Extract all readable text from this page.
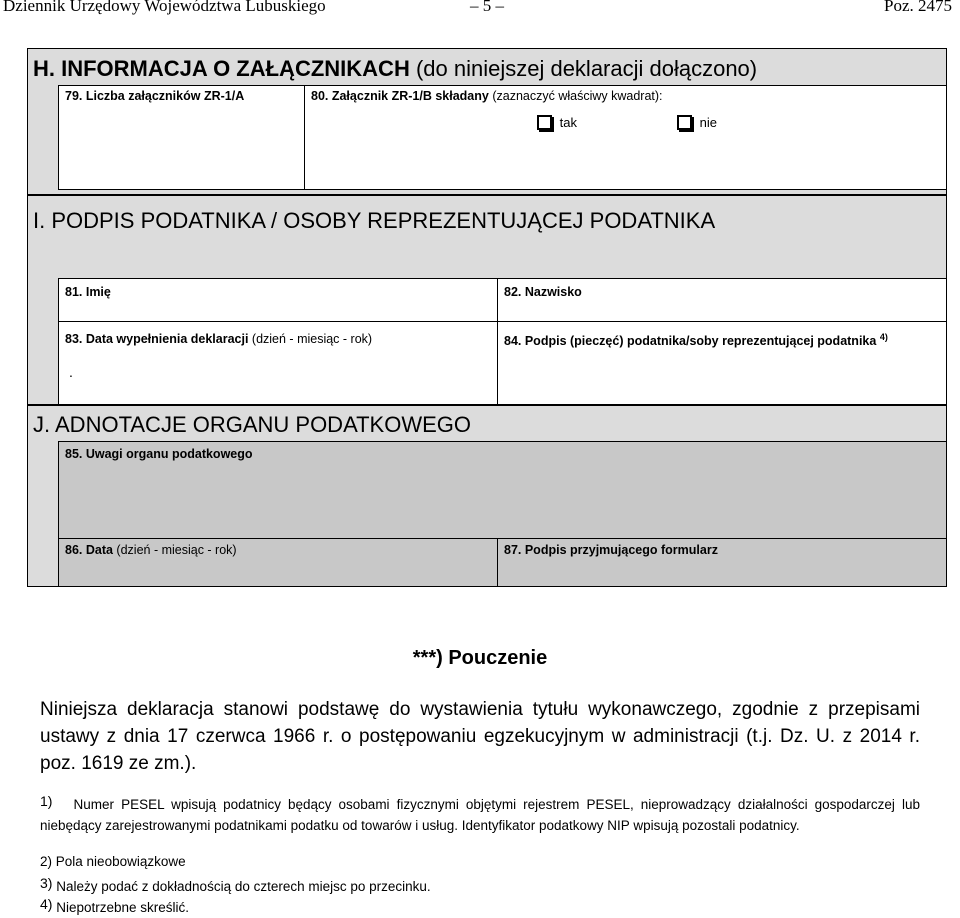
Dziennik Urzędowy Województwa Lubuskiego	– 5 –	Poz. 2475
H. INFORMACJA O ZAŁĄCZNIKACH (do niniejszej deklaracji dołączono)
79. Liczba załączników ZR-1/A	80. Załącznik ZR-1/B składany (zaznaczyć właściwy kwadrat):
tak	nie
I. PODPIS PODATNIKA / OSOBY REPREZENTUJĄCEJ PODATNIKA
81. Imię	82. Nazwisko
83. Data wypełnienia deklaracji (dzień - miesiąc - rok)
.
84. Podpis (pieczęć) podatnika/soby reprezentującej podatnika $^{4)}$
J. ADNOTACJE ORGANU PODATKOWEGO
85. Uwagi organu podatkowego
86. Data (dzień - miesiąc - rok)	87. Podpis przyjmującego formularz
***) Pouczenie
Niniejsza deklaracja stanowi podstawę do wystawienia tytułu wykonawczego, zgodnie z przepisami ustawy z dnia 17 czerwca 1966 r. o postępowaniu egzekucyjnym w administracji (t.j. Dz. U. z 2014 r. poz. 1619 ze zm.).
1) Numer PESEL wpisują podatnicy będący osobami fizycznymi objętymi rejestrem PESEL, nieprowadzący działalności gospodarczej lub niebędący zarejestrowanymi podatnikami podatku od towarów i usług. Identyfikator podatkowy NIP wpisują pozostali podatnicy.
2) Pola nieobowiązkowe
3) Należy podać z dokładnością do czterech miejsc po przecinku.
4) Niepotrzebne skreślić.
